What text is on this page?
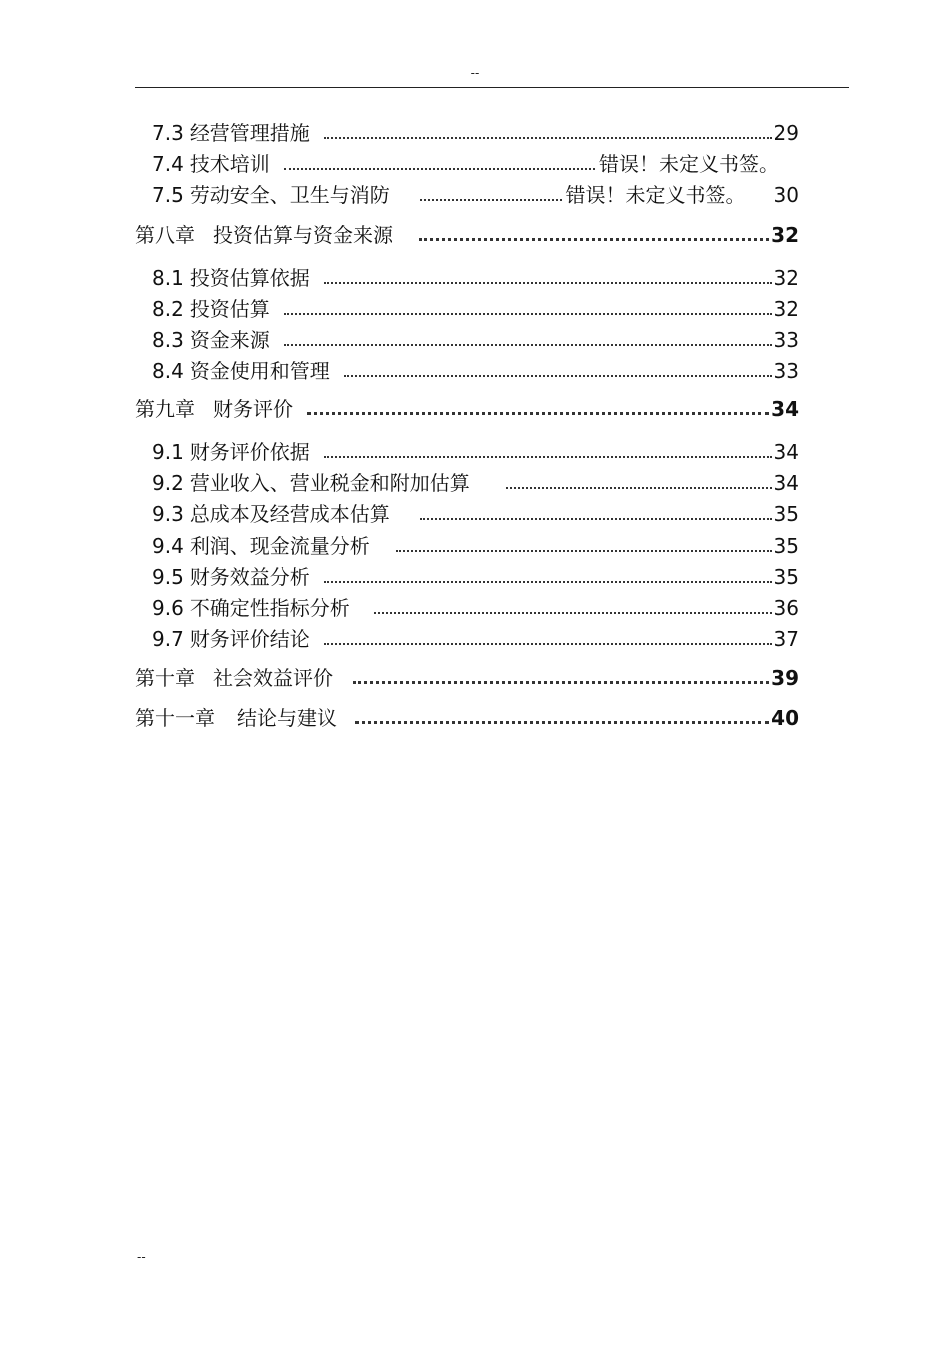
--
7.3 经营管理措施	29
7.4 技术培训	错误！未定义书签。
7.5 劳动安全、卫生与消防	错误！未定义书签。 30
第八章 投资估算与资金来源	32
8.1 投资估算依据	32
8.2 投资估算	32
8.3 资金来源	33
8.4 资金使用和管理	33
第九章 财务评价	34
9.1 财务评价依据	34
9.2 营业收入、营业税金和附加估算	34
9.3 总成本及经营成本估算	35
9.4 利润、现金流量分析	35
9.5 财务效益分析	35
9.6 不确定性指标分析	36
9.7 财务评价结论	37
第十章 社会效益评价	39
第十一章 结论与建议	40
--
